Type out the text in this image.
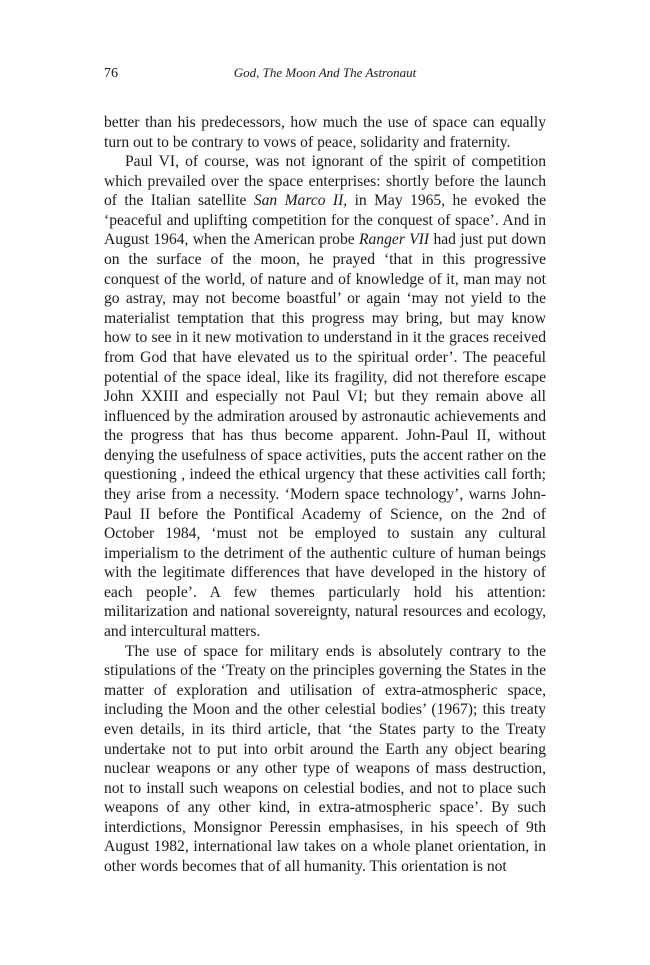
76	God, The Moon And The Astronaut

better than his predecessors, how much the use of space can equally turn out to be contrary to vows of peace, solidarity and fraternity.

Paul VI, of course, was not ignorant of the spirit of competition which prevailed over the space enterprises: shortly before the launch of the Italian satellite San Marco II, in May 1965, he evoked the ‘peaceful and uplifting competition for the conquest of space’. And in August 1964, when the American probe Ranger VII had just put down on the surface of the moon, he prayed ‘that in this progressive conquest of the world, of nature and of knowledge of it, man may not go astray, may not become boastful’ or again ‘may not yield to the materialist temptation that this progress may bring, but may know how to see in it new motivation to understand in it the graces received from God that have elevated us to the spiritual order’. The peaceful potential of the space ideal, like its fragility, did not therefore escape John XXIII and especially not Paul VI; but they remain above all influenced by the admiration aroused by astronautic achievements and the progress that has thus become apparent. John-Paul II, without denying the usefulness of space activities, puts the accent rather on the questioning , indeed the ethical urgency that these activities call forth; they arise from a necessity. ‘Modern space technology’, warns John-Paul II before the Pontifical Academy of Science, on the 2nd of October 1984, ‘must not be employed to sustain any cultural imperialism to the detriment of the authentic culture of human beings with the legitimate differences that have developed in the history of each people’. A few themes particularly hold his attention: militarization and national sovereignty, natural resources and ecology, and intercultural matters.

The use of space for military ends is absolutely contrary to the stipulations of the ‘Treaty on the principles governing the States in the matter of exploration and utilisation of extra-atmospheric space, including the Moon and the other celestial bodies’ (1967); this treaty even details, in its third article, that ‘the States party to the Treaty undertake not to put into orbit around the Earth any object bearing nuclear weapons or any other type of weapons of mass destruction, not to install such weapons on celestial bodies, and not to place such weapons of any other kind, in extra-atmospheric space’. By such interdictions, Monsignor Peressin emphasises, in his speech of 9th August 1982, international law takes on a whole planet orientation, in other words becomes that of all humanity. This orientation is not
